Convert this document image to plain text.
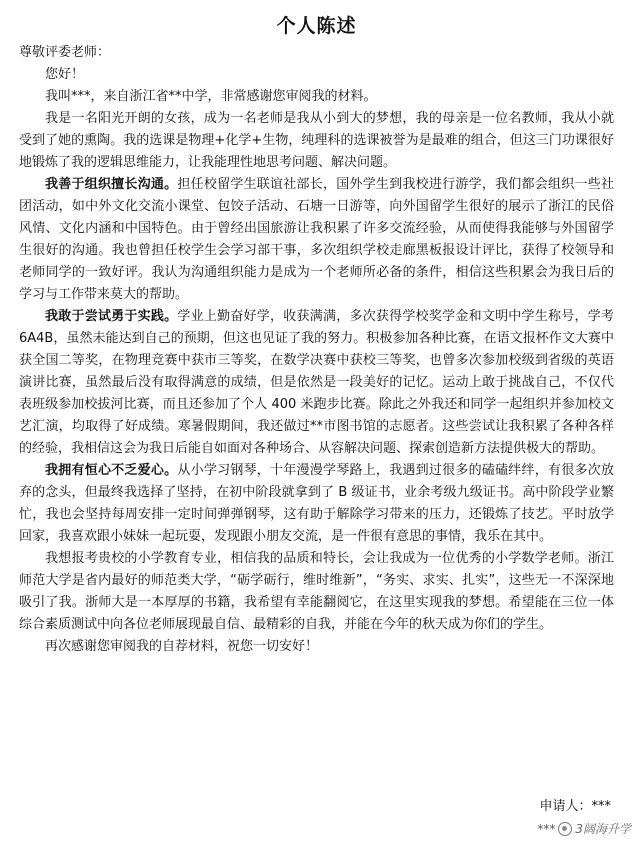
个人陈述
尊敬评委老师：

您好！

我叫***，来自浙江省**中学，非常感谢您审阅我的材料。

我是一名阳光开朗的女孩，成为一名老师是我从小到大的梦想，我的母亲是一位名教师，我从小就受到了她的熏陶。我的选课是物理+化学+生物，纯理科的选课被誉为是最难的组合，但这三门功课很好地锻炼了我的逻辑思维能力，让我能理性地思考问题、解决问题。

我善于组织擅长沟通。担任校留学生联谊社部长，国外学生到我校进行游学，我们都会组织一些社团活动，如中外文化交流小课堂、包饺子活动、石塘一日游等，向外国留学生很好的展示了浙江的民俗风情、文化内涵和中国特色。由于曾经出国旅游让我积累了许多交流经验，从而使得我能够与外国留学生很好的沟通。我也曾担任校学生会学习部干事，多次组织学校走廊黑板报设计评比，获得了校领导和老师同学的一致好评。我认为沟通组织能力是成为一个老师所必备的条件，相信这些积累会为我日后的学习与工作带来莫大的帮助。

我敢于尝试勇于实践。学业上勤奋好学，收获满满，多次获得学校奖学金和文明中学生称号，学考 6A4B，虽然未能达到自己的预期，但这也见证了我的努力。积极参加各种比赛，在语文报杯作文大赛中获全国二等奖，在物理竞赛中获市三等奖，在数学决赛中获校三等奖，也曾多次参加校级到省级的英语演讲比赛，虽然最后没有取得满意的成绩，但是依然是一段美好的记忆。运动上敢于挑战自己，不仅代表班级参加校拔河比赛，而且还参加了个人 400 米跑步比赛。除此之外我还和同学一起组织并参加校文艺汇演，均取得了好成绩。寒暑假期间，我还做过**市图书馆的志愿者。这些尝试让我积累了各种各样的经验，我相信这会为我日后能自如面对各种场合、从容解决问题、探索创造新方法提供极大的帮助。

我拥有恒心不乏爱心。从小学习钢琴，十年漫漫学琴路上，我遇到过很多的磕磕绊绊，有很多次放弃的念头，但最终我选择了坚持，在初中阶段就拿到了 B 级证书，业余考级九级证书。高中阶段学业繁忙，我也会坚持每周安排一定时间弹弹钢琴，这有助于解除学习带来的压力，还锻炼了技艺。平时放学回家，我喜欢跟小妹妹一起玩耍，发现跟小朋友交流，是一件很有意思的事情，我乐在其中。

我想报考贵校的小学教育专业，相信我的品质和特长，会让我成为一位优秀的小学数学老师。浙江师范大学是省内最好的师范类大学，“砺学砺行，维时维新”，“务实、求实、扎实”，这些无一不深深地吸引了我。浙师大是一本厚厚的书籍，我希望有幸能翻阅它，在这里实现我的梦想。希望能在三位一体综合素质测试中向各位老师展现最自信、最精彩的自我，并能在今年的秋天成为你们的学生。

再次感谢您审阅我的自荐材料，祝您一切安好！

申请人：***
*** 3阔海升学
